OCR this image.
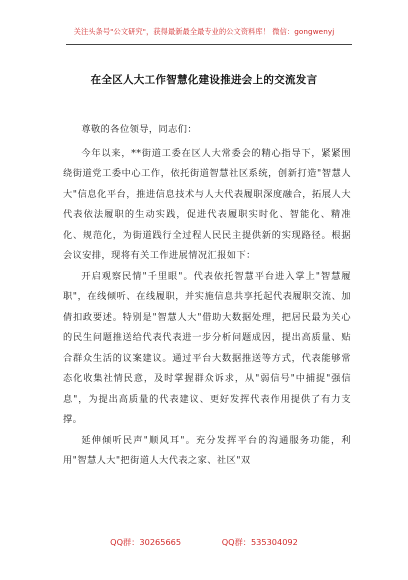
关注头条号"公文研究"，获得最新最全最专业的公文资料库！ 微信：gongwenyj
在全区人大工作智慧化建设推进会上的交流发言

尊敬的各位领导，同志们：

今年以来，**街道工委在区人大常委会的精心指导下，紧紧围绕街道党工委中心工作，依托街道智慧社区系统，创新打造"智慧人大"信息化平台，推进信息技术与人大代表履职深度融合，拓展人大代表依法履职的生动实践，促进代表履职实时化、智能化、精准化、规范化，为街道践行全过程人民民主提供新的实现路径。根据会议安排，现将有关工作进展情况汇报如下：

开启观察民情"千里眼"。代表依托智慧平台进入掌上"智慧履职"，在线倾听、在线履职，并实施信息共享托起代表履职交流、加倩扣政要述。特别是"智慧人大"借助大数据处理，把居民最为关心的民生问题推送给代表代表进一步分析问题成因，提出高质量、贴合群众生活的议案建议。通过平台大数据推送等方式，代表能够常态化收集社情民意，及时掌握群众诉求，从"弱信号"中捕捉"强信息"，为提出高质量的代表建议、更好发挥代表作用提供了有力支撑。

延伸倾听民声"顺风耳"。充分发挥平台的沟通服务功能，利用"智慧人大"把街道人大代表之家、社区"双

QQ群：30265665	QQ群：535304092
